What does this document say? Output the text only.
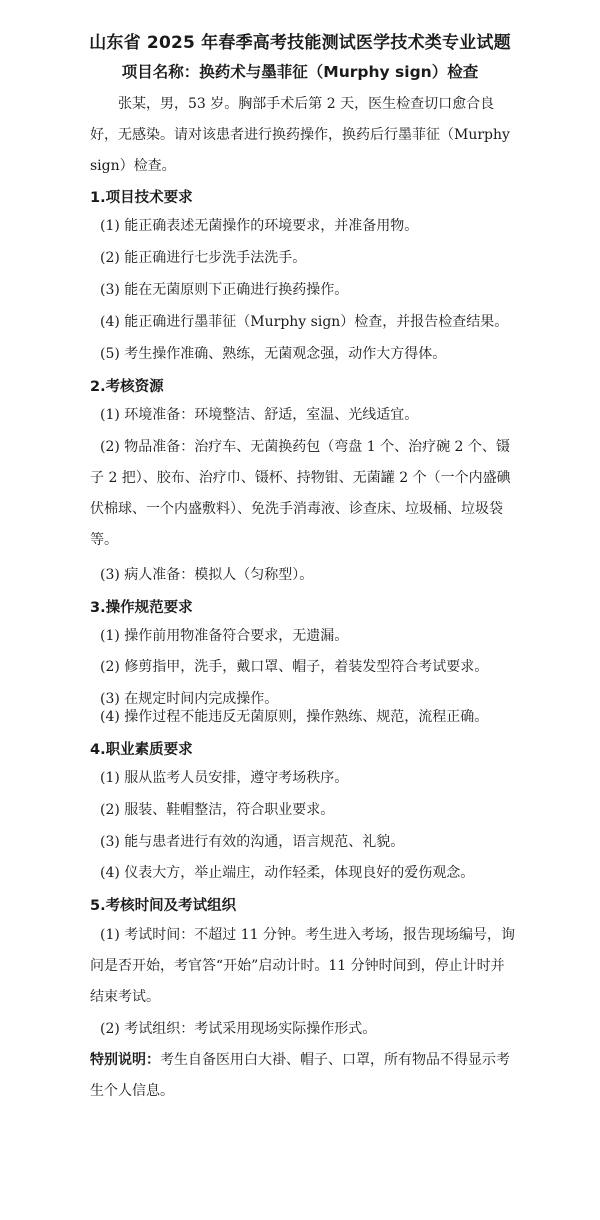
山东省 2025 年春季高考技能测试医学技术类专业试题
项目名称：换药术与墨菲征（Murphy sign）检查
张某，男，53 岁。胸部手术后第 2 天，医生检查切口愈合良好，无感染。请对该患者进行换药操作，换药后行墨菲征（Murphy sign）检查。
1.项目技术要求
(1) 能正确表述无菌操作的环境要求，并准备用物。
(2) 能正确进行七步洗手法洗手。
(3) 能在无菌原则下正确进行换药操作。
(4) 能正确进行墨菲征（Murphy sign）检查，并报告检查结果。
(5) 考生操作准确、熟练，无菌观念强，动作大方得体。
2.考核资源
(1) 环境准备：环境整洁、舒适，室温、光线适宜。
(2) 物品准备：治疗车、无菌换药包（弯盘 1 个、治疗碗 2 个、镊子 2 把）、胶布、治疗巾、镊杯、持物钳、无菌罐 2 个（一个内盛碘伏棉球、一个内盛敷料）、免洗手消毒液、诊查床、垃圾桶、垃圾袋等。
(3) 病人准备：模拟人（匀称型）。
3.操作规范要求
(1) 操作前用物准备符合要求，无遗漏。
(2) 修剪指甲，洗手，戴口罩、帽子，着装发型符合考试要求。
(3) 在规定时间内完成操作。
(4) 操作过程不能违反无菌原则，操作熟练、规范，流程正确。
4.职业素质要求
(1) 服从监考人员安排，遵守考场秩序。
(2) 服装、鞋帽整洁，符合职业要求。
(3) 能与患者进行有效的沟通，语言规范、礼貌。
(4) 仪表大方，举止端庄，动作轻柔，体现良好的爱伤观念。
5.考核时间及考试组织
(1) 考试时间：不超过 11 分钟。考生进入考场，报告现场编号，询问是否开始，考官答“开始”启动计时。11 分钟时间到，停止计时并结束考试。
(2) 考试组织：考试采用现场实际操作形式。
特别说明：考生自备医用白大褂、帽子、口罩，所有物品不得显示考生个人信息。
